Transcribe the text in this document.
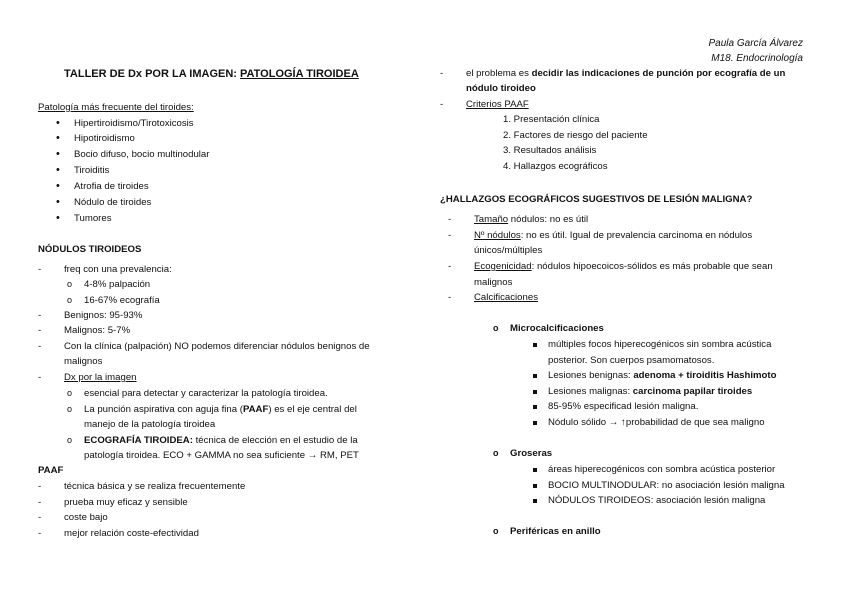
Paula García Álvarez
M18. Endocrinología
TALLER DE Dx POR LA IMAGEN: PATOLOGÍA TIROIDEA
Patología más frecuente del tiroides:
• Hipertiroidismo/Tirotoxicosis
• Hipotiroidismo
• Bocio difuso, bocio multinodular
• Tiroiditis
• Atrofia de tiroides
• Nódulo de tiroides
• Tumores
NÓDULOS TIROIDEOS
- freq con una prevalencia:
o 4-8% palpación
o 16-67% ecografía
- Benignos: 95-93%
- Malignos: 5-7%
- Con la clínica (palpación) NO podemos diferenciar nódulos benignos de
malignos
- Dx por la imagen
o esencial para detectar y caracterizar la patología tiroidea.
o La punción aspirativa con aguja fina (PAAF) es el eje central del
manejo de la patología tiroidea
o ECOGRAFÍA TIROIDEA: técnica de elección en el estudio de la
patología tiroidea. ECO + GAMMA no sea suficiente → RM, PET
PAAF
- técnica básica y se realiza frecuentemente
- prueba muy eficaz y sensible
- coste bajo
- mejor relación coste-efectividad
- el problema es decidir las indicaciones de punción por ecografía de un
nódulo tiroideo
- Criterios PAAF
1. Presentación clínica
2. Factores de riesgo del paciente
3. Resultados análisis
4. Hallazgos ecográficos
¿HALLAZGOS ECOGRÁFICOS SUGESTIVOS DE LESIÓN MALIGNA?
- Tamaño nódulos: no es útil
- Nº nódulos: no es útil. Igual de prevalencia carcinoma en nódulos
únicos/múltiples
- Ecogenicidad: nódulos hipoecoicos-sólidos es más probable que sean
malignos
- Calcificaciones
o Microcalcificaciones
múltiples focos hiperecogénicos sin sombra acústica
posterior. Son cuerpos psamomatosos.
Lesiones benignas: adenoma + tiroiditis Hashimoto
Lesiones malignas: carcinoma papilar tiroides
85-95% especificad lesión maligna.
Nódulo sólido → ↑probabilidad de que sea maligno
o Groseras
áreas hiperecogénicos con sombra acústica posterior
BOCIO MULTINODULAR: no asociación lesión maligna
NÓDULOS TIROIDEOS: asociación lesión maligna
o Periféricas en anillo
